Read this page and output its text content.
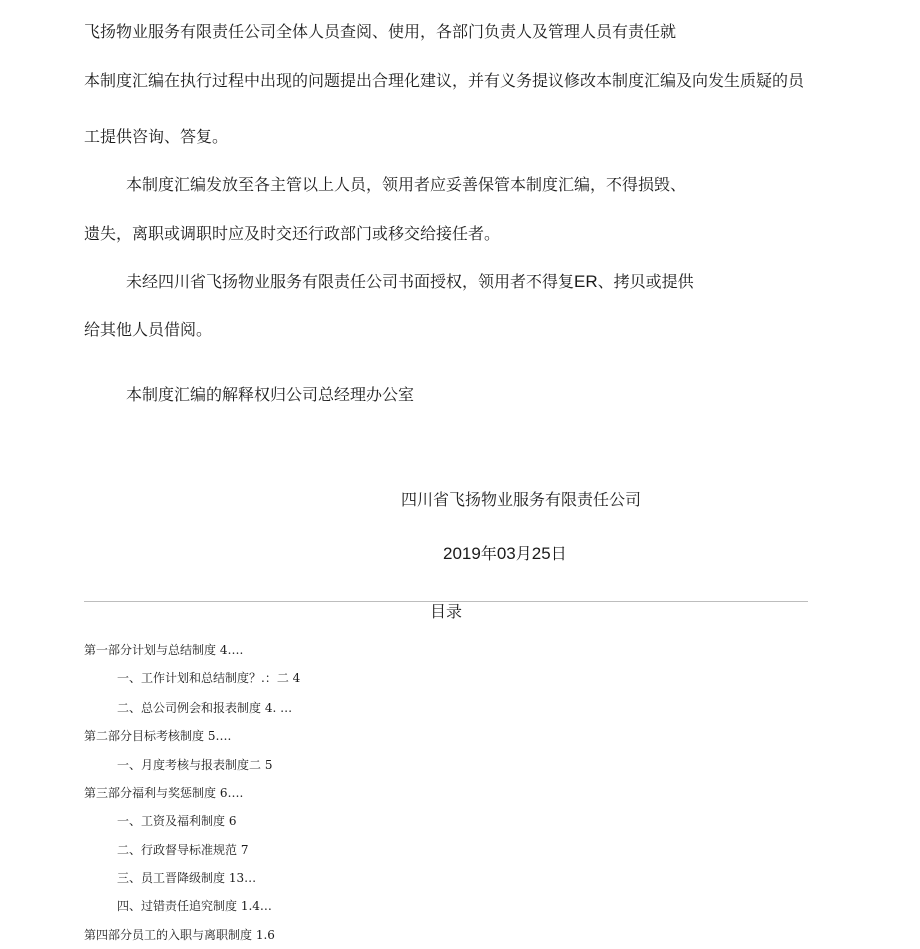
飞扬物业服务有限责任公司全体人员查阅、使用，各部门负责人及管理人员有责任就
本制度汇编在执行过程中出现的问题提出合理化建议，并有义务提议修改本制度汇编及向发生质疑的员
工提供咨询、答复。
本制度汇编发放至各主管以上人员，领用者应妥善保管本制度汇编，不得损毁、
遗失，离职或调职时应及时交还行政部门或移交给接任者。
未经四川省飞扬物业服务有限责任公司书面授权，领用者不得复ER、拷贝或提供
给其他人员借阅。
本制度汇编的解释权归公司总经理办公室
四川省飞扬物业服务有限责任公司
2019年03月25日
目录
第一部分计划与总结制度 4….
一、工作计划和总结制度？.：二 4
二、总公司例会和报表制度 4. …
第二部分目标考核制度 5….
一、月度考核与报表制度二 5
第三部分福利与奖惩制度 6….
一、工资及福利制度 6
二、行政督导标准规范 7
三、员工晋降级制度 13…
四、过错责任追究制度 1.4…
第四部分员工的入职与离职制度 1.6
